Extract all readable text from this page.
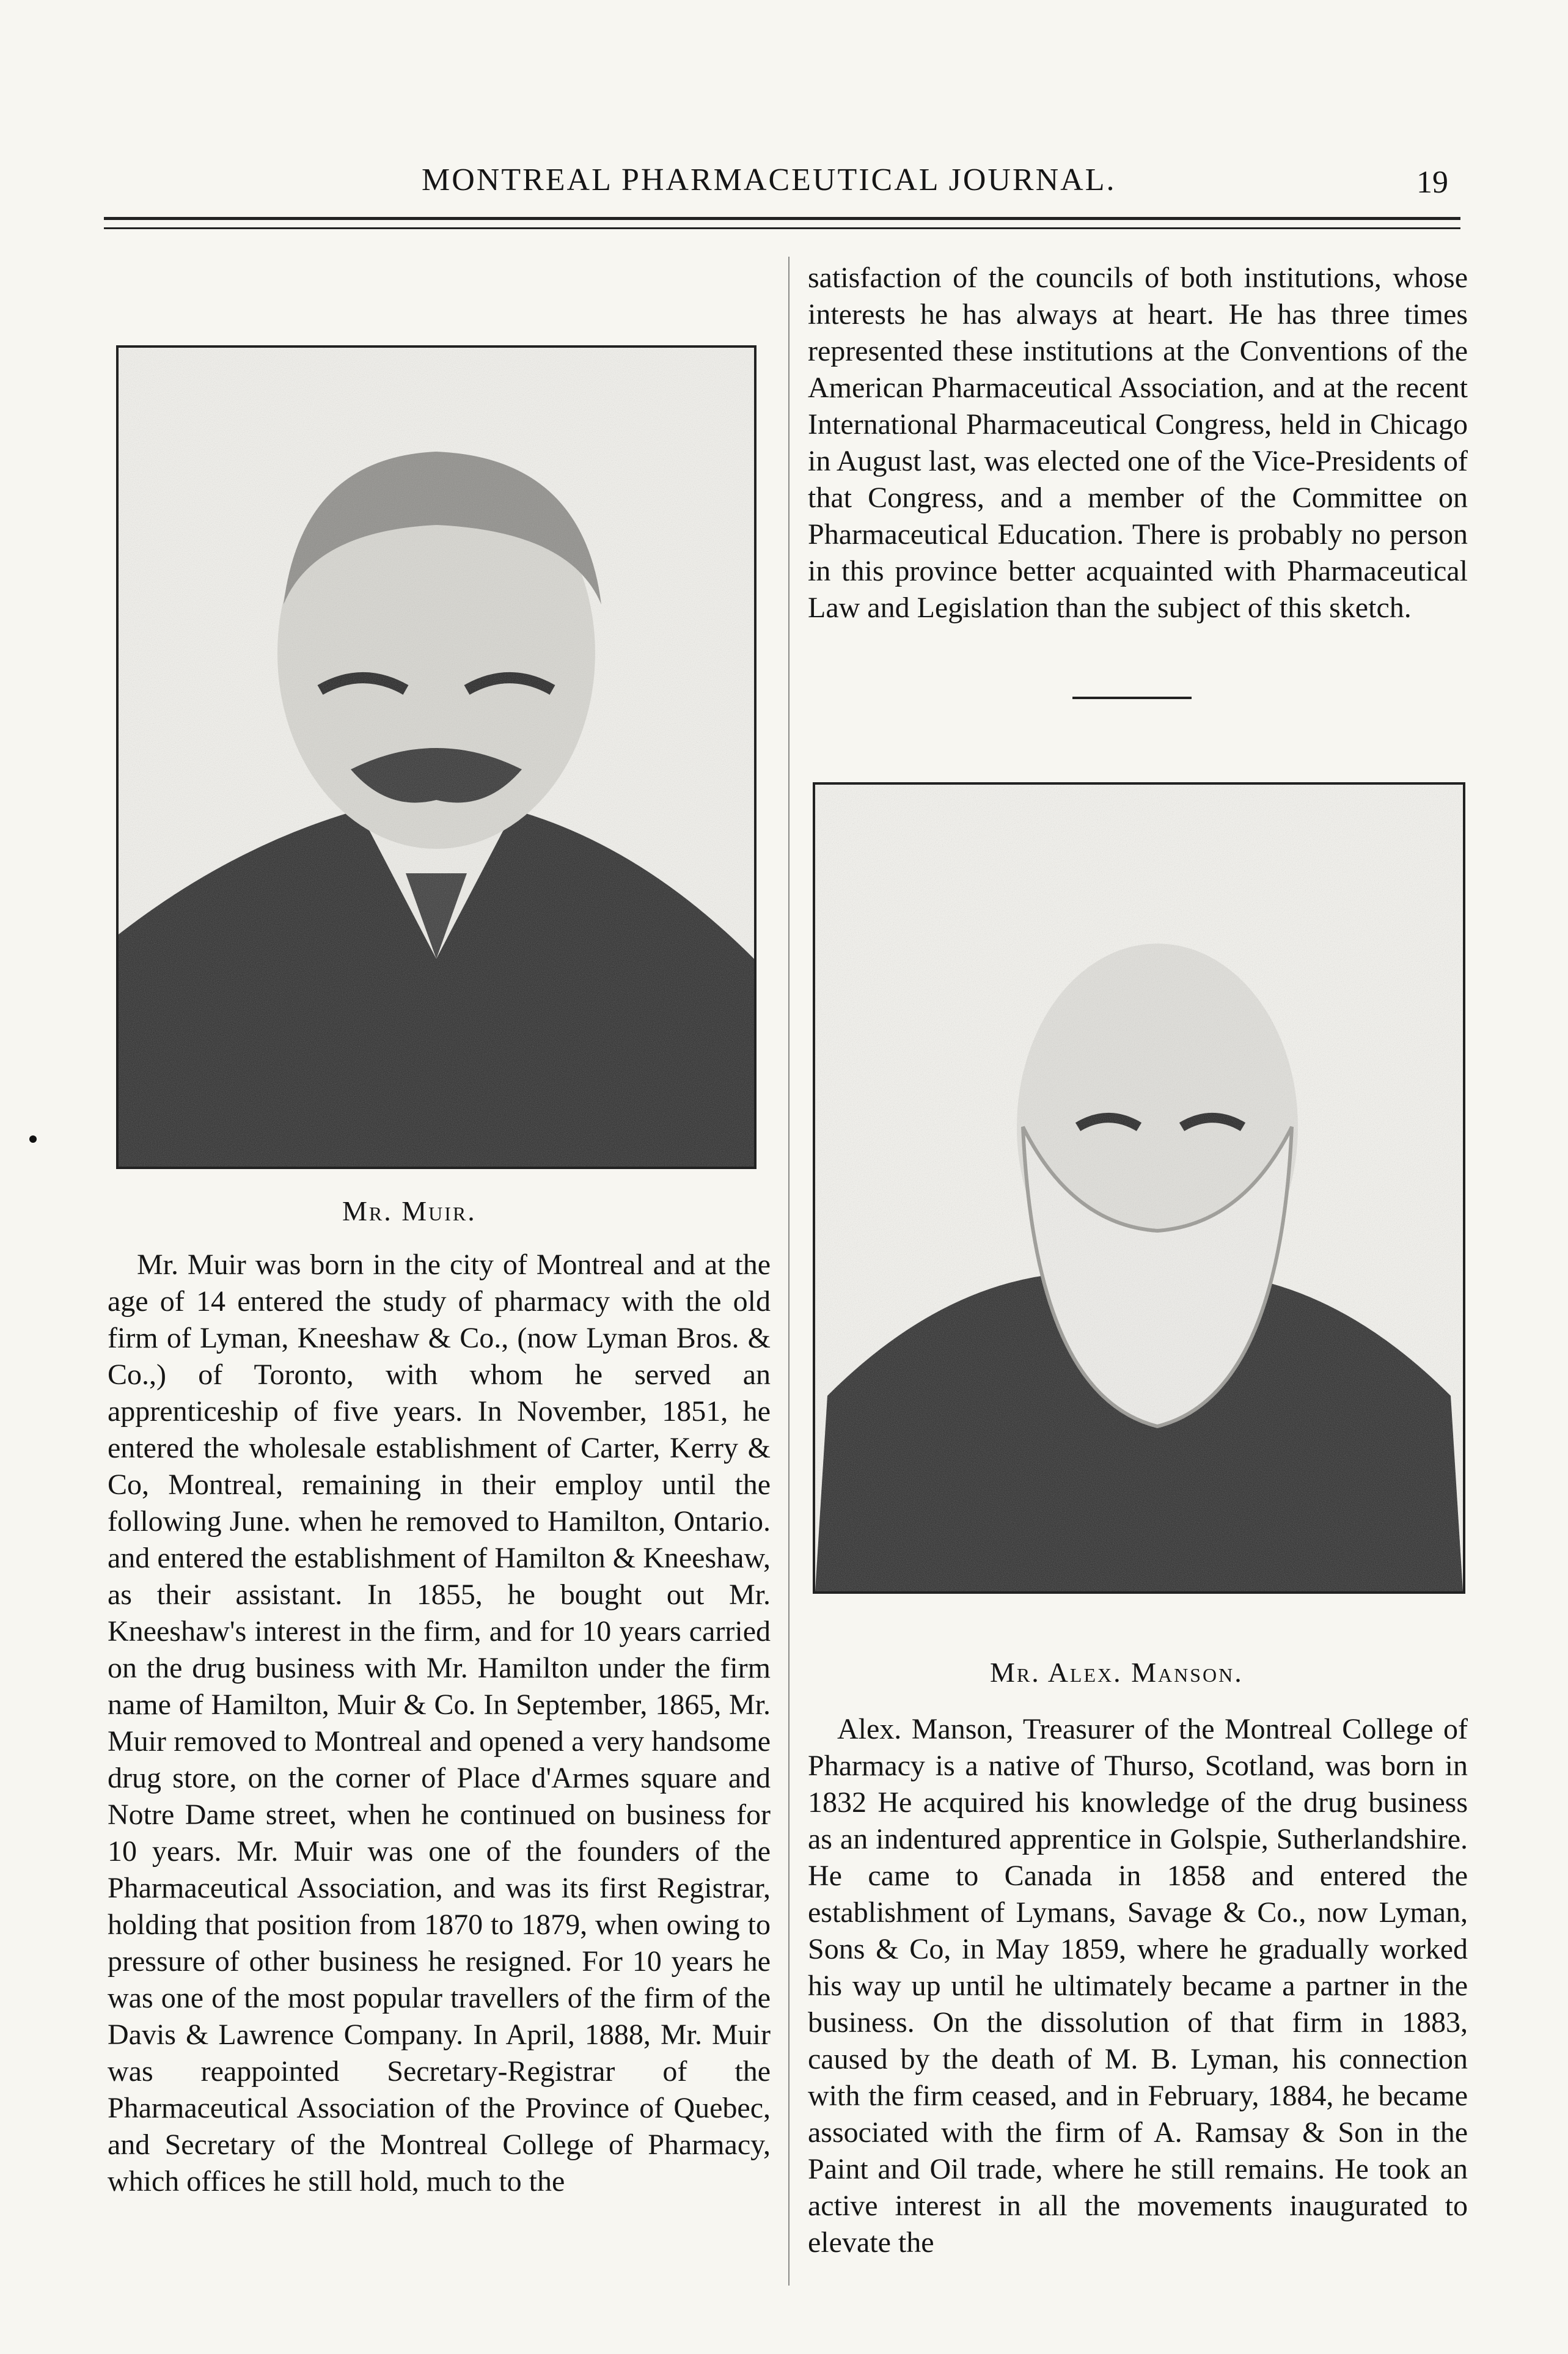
MONTREAL PHARMACEUTICAL JOURNAL.	19
Mr. Muir.

Mr. Muir was born in the city of Montreal and at the age of 14 entered the study of pharmacy with the old firm of Lyman, Kneeshaw & Co., (now Lyman Bros. & Co.,) of Toronto, with whom he served an apprenticeship of five years. In November, 1851, he entered the wholesale establishment of Carter, Kerry & Co, Montreal, remaining in their employ until the following June. when he removed to Hamilton, Ontario. and entered the establishment of Hamilton & Kneeshaw, as their assistant. In 1855, he bought out Mr. Kneeshaw's interest in the firm, and for 10 years carried on the drug business with Mr. Hamilton under the firm name of Hamilton, Muir & Co. In September, 1865, Mr. Muir removed to Montreal and opened a very handsome drug store, on the corner of Place d'Armes square and Notre Dame street, when he continued on business for 10 years. Mr. Muir was one of the founders of the Pharmaceutical Association, and was its first Registrar, holding that position from 1870 to 1879, when owing to pressure of other business he resigned. For 10 years he was one of the most popular travellers of the firm of the Davis & Lawrence Company. In April, 1888, Mr. Muir was reappointed Secretary-Registrar of the Pharmaceutical Association of the Province of Quebec, and Secretary of the Montreal College of Pharmacy, which offices he still hold, much to the

satisfaction of the councils of both institutions, whose interests he has always at heart. He has three times represented these institutions at the Conventions of the American Pharmaceutical Association, and at the recent International Pharmaceutical Congress, held in Chicago in August last, was elected one of the Vice-Presidents of that Congress, and a member of the Committee on Pharmaceutical Education. There is probably no person in this province better acquainted with Pharmaceutical Law and Legislation than the subject of this sketch.

Mr. Alex. Manson.

Alex. Manson, Treasurer of the Montreal College of Pharmacy is a native of Thurso, Scotland, was born in 1832 He acquired his knowledge of the drug business as an indentured apprentice in Golspie, Sutherlandshire. He came to Canada in 1858 and entered the establishment of Lymans, Savage & Co., now Lyman, Sons & Co, in May 1859, where he gradually worked his way up until he ultimately became a partner in the business. On the dissolution of that firm in 1883, caused by the death of M. B. Lyman, his connection with the firm ceased, and in February, 1884, he became associated with the firm of A. Ramsay & Son in the Paint and Oil trade, where he still remains. He took an active interest in all the movements inaugurated to elevate the
